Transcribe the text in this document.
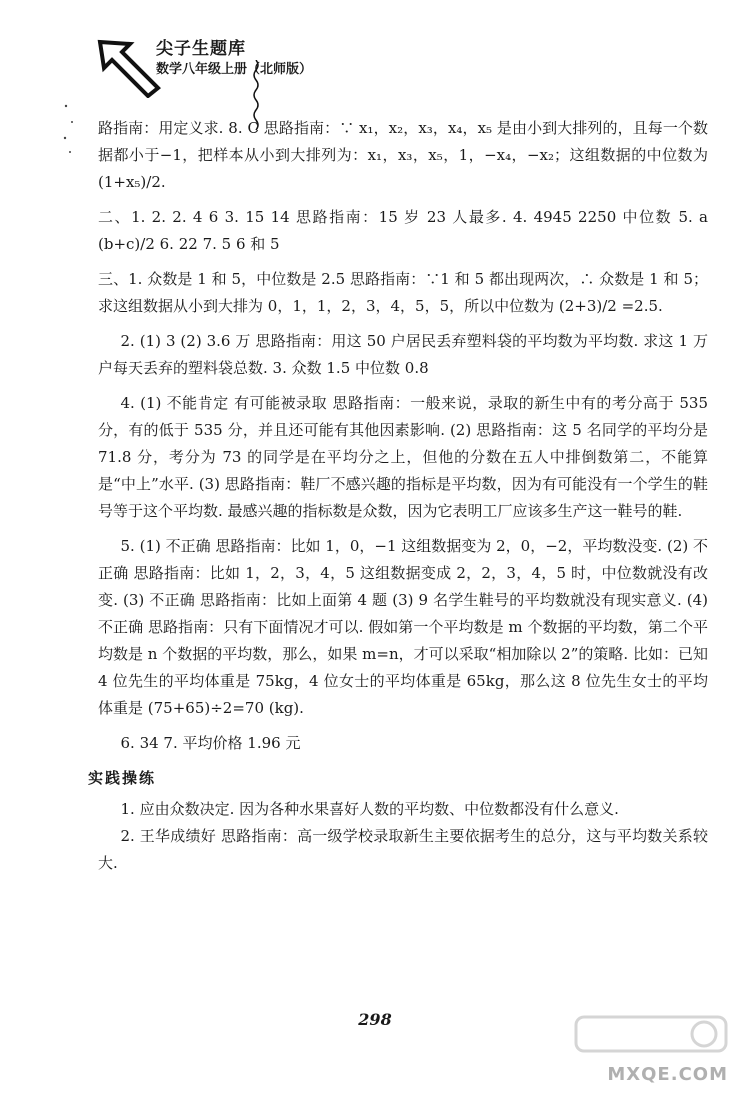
尖子生题库
数学八年级上册（北师版）

路指南：用定义求. 8. C 思路指南：∵ x₁，x₂，x₃，x₄，x₅ 是由小到大排列的，且每一个数据都小于−1，把样本从小到大排列为：x₁，x₃，x₅，1，−x₄，−x₂；这组数据的中位数为 (1+x₅)/2.

二、1. 2. 2. 4 6 3. 15 14 思路指南：15 岁 23 人最多. 4. 4945 2250 中位数 5. a (b+c)/2 6. 22 7. 5 6 和 5

三、1. 众数是 1 和 5，中位数是 2.5 思路指南：∵1 和 5 都出现两次，∴ 众数是 1 和 5；求这组数据从小到大排为 0，1，1，2，3，4，5，5，所以中位数为 (2+3)/2 =2.5.

2. (1) 3 (2) 3.6 万 思路指南：用这 50 户居民丢弃塑料袋的平均数为平均数. 求这 1 万户每天丢弃的塑料袋总数. 3. 众数 1.5 中位数 0.8

4. (1) 不能肯定 有可能被录取 思路指南：一般来说，录取的新生中有的考分高于 535 分，有的低于 535 分，并且还可能有其他因素影响. (2) 思路指南：这 5 名同学的平均分是 71.8 分，考分为 73 的同学是在平均分之上，但他的分数在五人中排倒数第二，不能算是“中上”水平. (3) 思路指南：鞋厂不感兴趣的指标是平均数，因为有可能没有一个学生的鞋号等于这个平均数. 最感兴趣的指标数是众数，因为它表明工厂应该多生产这一鞋号的鞋.

5. (1) 不正确 思路指南：比如 1，0，−1 这组数据变为 2，0，−2，平均数没变. (2) 不正确 思路指南：比如 1，2，3，4，5 这组数据变成 2，2，3，4，5 时，中位数就没有改变. (3) 不正确 思路指南：比如上面第 4 题 (3) 9 名学生鞋号的平均数就没有现实意义. (4) 不正确 思路指南：只有下面情况才可以. 假如第一个平均数是 m 个数据的平均数，第二个平均数是 n 个数据的平均数，那么，如果 m=n，才可以采取“相加除以 2”的策略. 比如：已知 4 位先生的平均体重是 75kg，4 位女士的平均体重是 65kg，那么这 8 位先生女士的平均体重是 (75+65)÷2=70 (kg).

6. 34 7. 平均价格 1.96 元

实践操练

1. 应由众数决定. 因为各种水果喜好人数的平均数、中位数都没有什么意义.

2. 王华成绩好 思路指南：高一级学校录取新生主要依据考生的总分，这与平均数关系较大.

298
MXQE.COM
